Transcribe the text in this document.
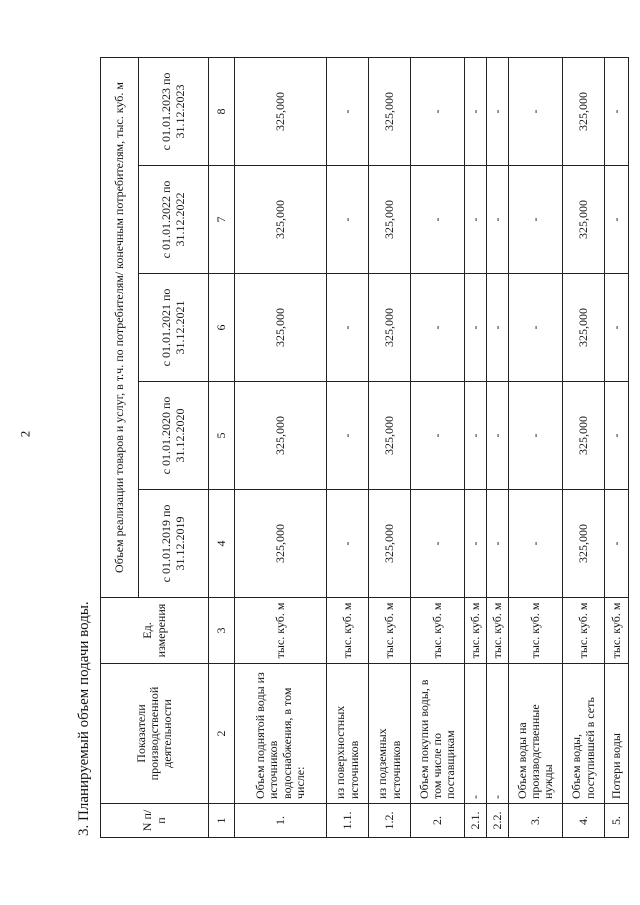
2
3. Планируемый объем подачи воды.	N п/п	Показатели производственной деятельности	Ед. измерения	Объем реализации товаров и услуг, в т.ч. по потребителям/ конечным потребителям, тыс. куб. м				
			с 01.01.2019 по 31.12.2019	с 01.01.2020 по 31.12.2020	с 01.01.2021 по 31.12.2021	с 01.01.2022 по 31.12.2022	с 01.01.2023 по 31.12.2023
1	2	3	4	5	6	7	8
1.	Объем поднятой воды из источников водоснабжения, в том числе:	тыс. куб. м	325,000	325,000	325,000	325,000	325,000
1.1.	из поверхностных источников	тыс. куб. м	-	-	-	-	-
1.2.	из подземных источников	тыс. куб. м	325,000	325,000	325,000	325,000	325,000
2.	Объем покупки воды, в том числе по поставщикам	тыс. куб. м	-	-	-	-	-
2.1.	-	тыс. куб. м	-	-	-	-	-
2.2.	-	тыс. куб. м	-	-	-	-	-
3.	Объем воды на производственные нужды	тыс. куб. м	-	-	-	-	-
4.	Объем воды, поступившей в сеть	тыс. куб. м	325,000	325,000	325,000	325,000	325,000
5.	Потери воды	тыс. куб. м	-	-	-	-	-
